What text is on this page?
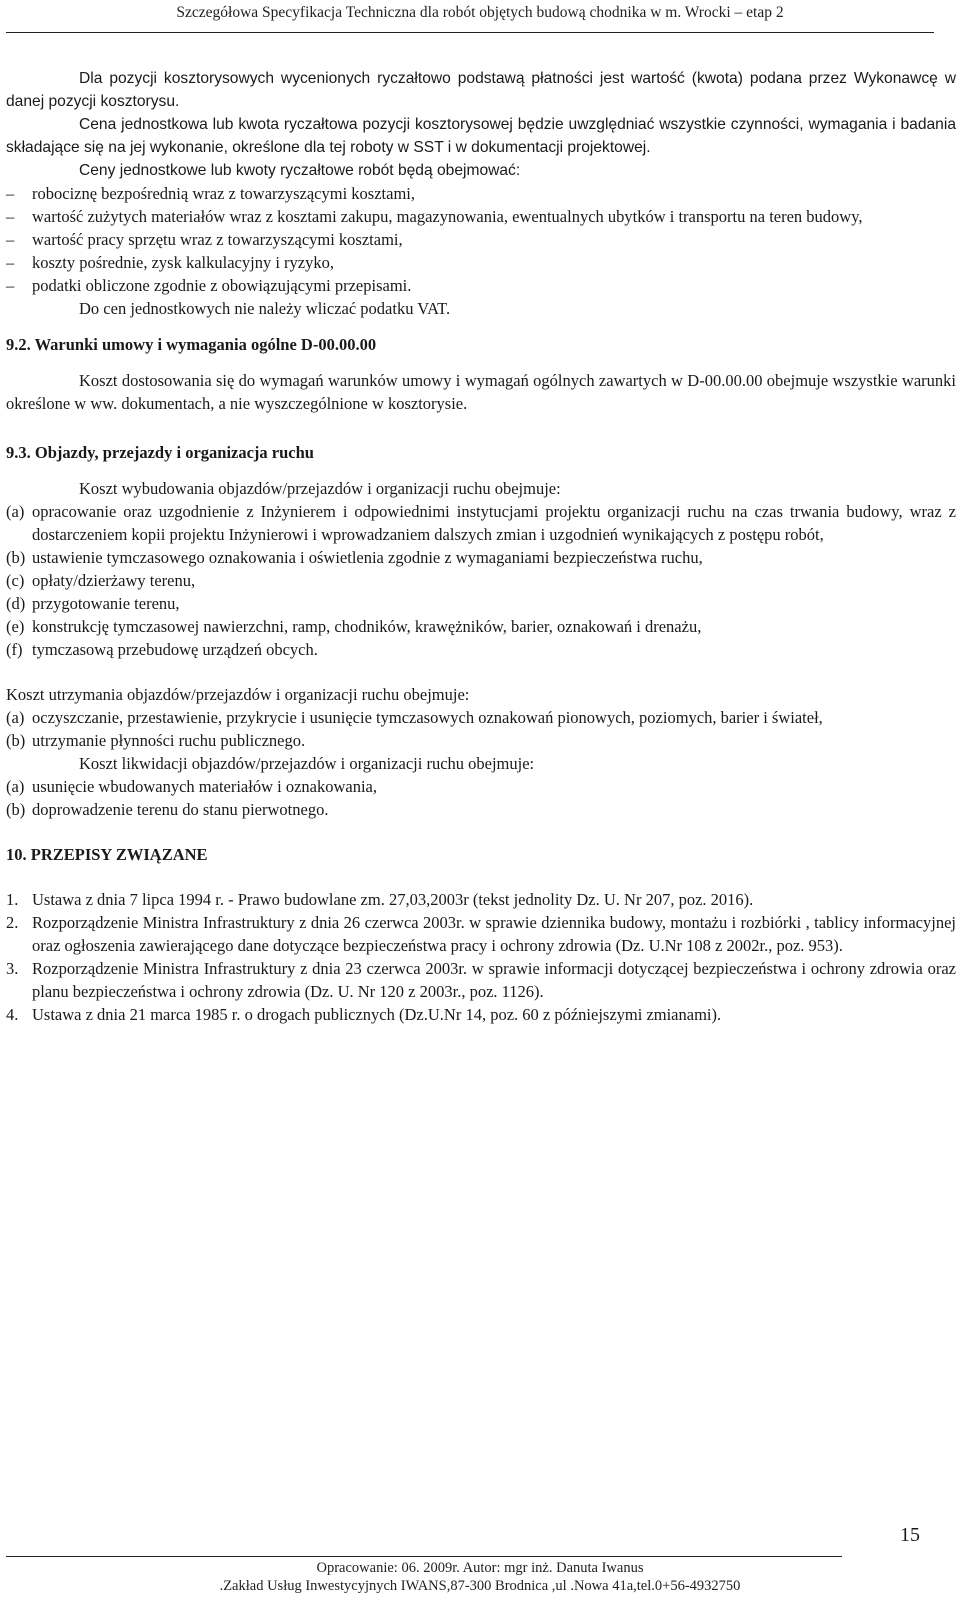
Szczegółowa Specyfikacja Techniczna dla robót objętych budową chodnika w m. Wrocki – etap 2

Dla pozycji kosztorysowych wycenionych ryczałtowo podstawą płatności jest wartość (kwota) podana przez Wykonawcę w danej pozycji kosztorysu.

Cena jednostkowa lub kwota ryczałtowa pozycji kosztorysowej będzie uwzględniać wszystkie czynności, wymagania i badania składające się na jej wykonanie, określone dla tej roboty w SST i w dokumentacji projektowej.

Ceny jednostkowe lub kwoty ryczałtowe robót będą obejmować:

– robociznę bezpośrednią wraz z towarzyszącymi kosztami,
– wartość zużytych materiałów wraz z kosztami zakupu, magazynowania, ewentualnych ubytków i transportu na teren budowy,
– wartość pracy sprzętu wraz z towarzyszącymi kosztami,
– koszty pośrednie, zysk kalkulacyjny i ryzyko,
– podatki obliczone zgodnie z obowiązującymi przepisami.

Do cen jednostkowych nie należy wliczać podatku VAT.

9.2. Warunki umowy i wymagania ogólne D-00.00.00

Koszt dostosowania się do wymagań warunków umowy i wymagań ogólnych zawartych w D-00.00.00 obejmuje wszystkie warunki określone w ww. dokumentach, a nie wyszczególnione w kosztorysie.

9.3. Objazdy, przejazdy i organizacja ruchu

Koszt wybudowania objazdów/przejazdów i organizacji ruchu obejmuje:

(a) opracowanie oraz uzgodnienie z Inżynierem i odpowiednimi instytucjami projektu organizacji ruchu na czas trwania budowy, wraz z dostarczeniem kopii projektu Inżynierowi i wprowadzaniem dalszych zmian i uzgodnień wynikających z postępu robót,
(b) ustawienie tymczasowego oznakowania i oświetlenia zgodnie z wymaganiami bezpieczeństwa ruchu,
(c) opłaty/dzierżawy terenu,
(d) przygotowanie terenu,
(e) konstrukcję tymczasowej nawierzchni, ramp, chodników, krawężników, barier, oznakowań i drenażu,
(f) tymczasową przebudowę urządzeń obcych.

Koszt utrzymania objazdów/przejazdów i organizacji ruchu obejmuje:

(a) oczyszczanie, przestawienie, przykrycie i usunięcie tymczasowych oznakowań pionowych, poziomych, barier i świateł,
(b) utrzymanie płynności ruchu publicznego.

Koszt likwidacji objazdów/przejazdów i organizacji ruchu obejmuje:

(a) usunięcie wbudowanych materiałów i oznakowania,
(b) doprowadzenie terenu do stanu pierwotnego.

10. PRZEPISY ZWIĄZANE

1. Ustawa z dnia 7 lipca 1994 r. - Prawo budowlane zm. 27,03,2003r (tekst jednolity Dz. U. Nr 207, poz. 2016).
2. Rozporządzenie Ministra Infrastruktury z dnia 26 czerwca 2003r. w sprawie dziennika budowy, montażu i rozbiórki , tablicy informacyjnej oraz ogłoszenia zawierającego dane dotyczące bezpieczeństwa pracy i ochrony zdrowia (Dz. U.Nr 108 z 2002r., poz. 953).
3. Rozporządzenie Ministra Infrastruktury z dnia 23 czerwca 2003r. w sprawie informacji dotyczącej bezpieczeństwa i ochrony zdrowia oraz planu bezpieczeństwa i ochrony zdrowia (Dz. U. Nr 120 z 2003r., poz. 1126).
4. Ustawa z dnia 21 marca 1985 r. o drogach publicznych (Dz.U.Nr 14, poz. 60 z późniejszymi zmianami).
Opracowanie: 06. 2009r. Autor: mgr inż. Danuta Iwanus
.Zakład Usług Inwestycyjnych IWANS,87-300 Brodnica ,ul .Nowa 41a,tel.0+56-4932750
15
